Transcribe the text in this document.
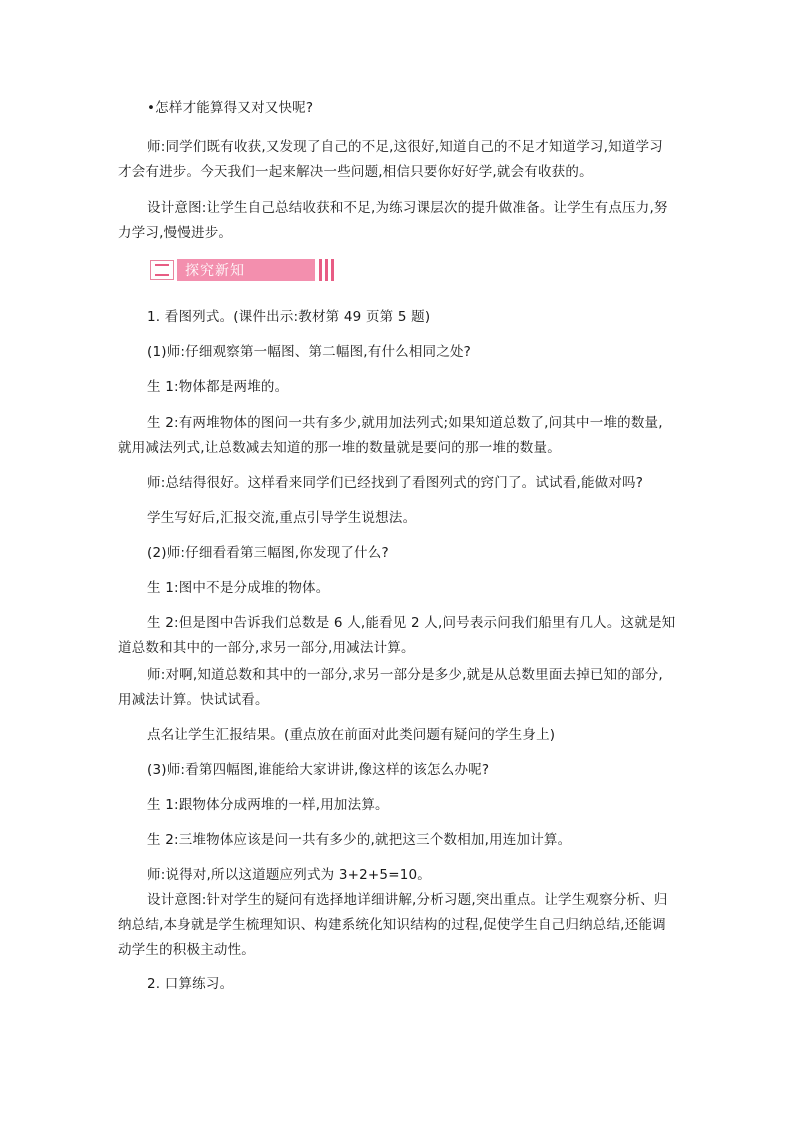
•怎样才能算得又对又快呢?
师:同学们既有收获,又发现了自己的不足,这很好,知道自己的不足才知道学习,知道学习
才会有进步。今天我们一起来解决一些问题,相信只要你好好学,就会有收获的。
设计意图:让学生自己总结收获和不足,为练习课层次的提升做准备。让学生有点压力,努
力学习,慢慢进步。
探究新知
1. 看图列式。(课件出示:教材第 49 页第 5 题)
(1)师:仔细观察第一幅图、第二幅图,有什么相同之处?
生 1:物体都是两堆的。
生 2:有两堆物体的图问一共有多少,就用加法列式;如果知道总数了,问其中一堆的数量,
就用减法列式,让总数减去知道的那一堆的数量就是要问的那一堆的数量。
师:总结得很好。这样看来同学们已经找到了看图列式的窍门了。试试看,能做对吗?
学生写好后,汇报交流,重点引导学生说想法。
(2)师:仔细看看第三幅图,你发现了什么?
生 1:图中不是分成堆的物体。
生 2:但是图中告诉我们总数是 6 人,能看见 2 人,问号表示问我们船里有几人。这就是知
道总数和其中的一部分,求另一部分,用减法计算。
师:对啊,知道总数和其中的一部分,求另一部分是多少,就是从总数里面去掉已知的部分,
用减法计算。快试试看。
点名让学生汇报结果。(重点放在前面对此类问题有疑问的学生身上)
(3)师:看第四幅图,谁能给大家讲讲,像这样的该怎么办呢?
生 1:跟物体分成两堆的一样,用加法算。
生 2:三堆物体应该是问一共有多少的,就把这三个数相加,用连加计算。
师:说得对,所以这道题应列式为 3+2+5=10。
设计意图:针对学生的疑问有选择地详细讲解,分析习题,突出重点。让学生观察分析、归
纳总结,本身就是学生梳理知识、构建系统化知识结构的过程,促使学生自己归纳总结,还能调
动学生的积极主动性。
2. 口算练习。
